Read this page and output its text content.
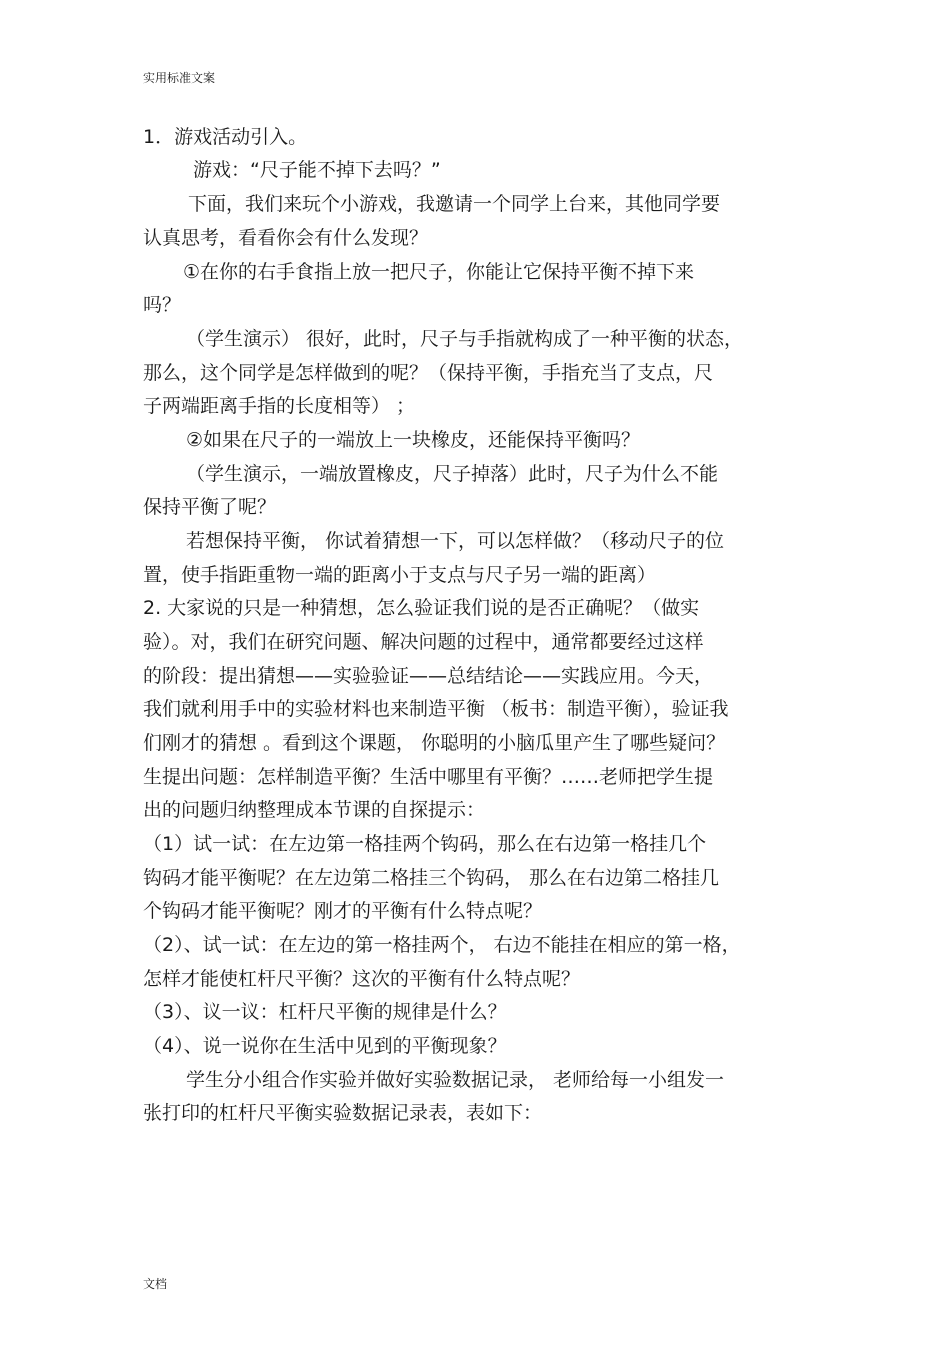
实用标准文案
1．游戏活动引入。
游戏：“尺子能不掉下去吗？”
下面，我们来玩个小游戏，我邀请一个同学上台来，其他同学要
认真思考，看看你会有什么发现？
①在你的右手食指上放一把尺子，你能让它保持平衡不掉下来
吗？
（学生演示） 很好，此时，尺子与手指就构成了一种平衡的状态，
那么，这个同学是怎样做到的呢？（保持平衡，手指充当了支点，尺
子两端距离手指的长度相等） ；
②如果在尺子的一端放上一块橡皮，还能保持平衡吗？
（学生演示，一端放置橡皮，尺子掉落）此时，尺子为什么不能
保持平衡了呢？
若想保持平衡， 你试着猜想一下，可以怎样做？（移动尺子的位
置，使手指距重物一端的距离小于支点与尺子另一端的距离）
2. 大家说的只是一种猜想，怎么验证我们说的是否正确呢？（做实
验）。对，我们在研究问题、解决问题的过程中，通常都要经过这样
的阶段：提出猜想——实验验证——总结结论——实践应用。今天，
我们就利用手中的实验材料也来制造平衡 （板书：制造平衡），验证我
们刚才的猜想 。看到这个课题， 你聪明的小脑瓜里产生了哪些疑问？
生提出问题：怎样制造平衡？生活中哪里有平衡？……老师把学生提
出的问题归纳整理成本节课的自探提示：
（1）试一试：在左边第一格挂两个钩码，那么在右边第一格挂几个
钩码才能平衡呢？在左边第二格挂三个钩码， 那么在右边第二格挂几
个钩码才能平衡呢？刚才的平衡有什么特点呢？
（2）、试一试：在左边的第一格挂两个， 右边不能挂在相应的第一格，
怎样才能使杠杆尺平衡？这次的平衡有什么特点呢？
（3）、议一议：杠杆尺平衡的规律是什么？
（4）、说一说你在生活中见到的平衡现象？
学生分小组合作实验并做好实验数据记录， 老师给每一小组发一
张打印的杠杆尺平衡实验数据记录表，表如下：
文档
